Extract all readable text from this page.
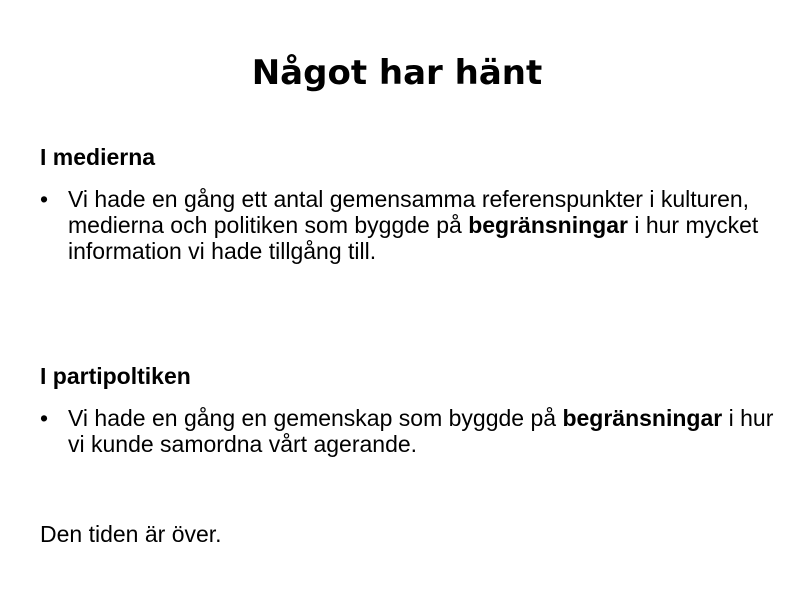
Något har hänt

I medierna

• Vi hade en gång ett antal gemensamma referenspunkter i kulturen, medierna och politiken som byggde på begränsningar i hur mycket information vi hade tillgång till.

I partipoltiken

• Vi hade en gång en gemenskap som byggde på begränsningar i hur vi kunde samordna vårt agerande.

Den tiden är över.
